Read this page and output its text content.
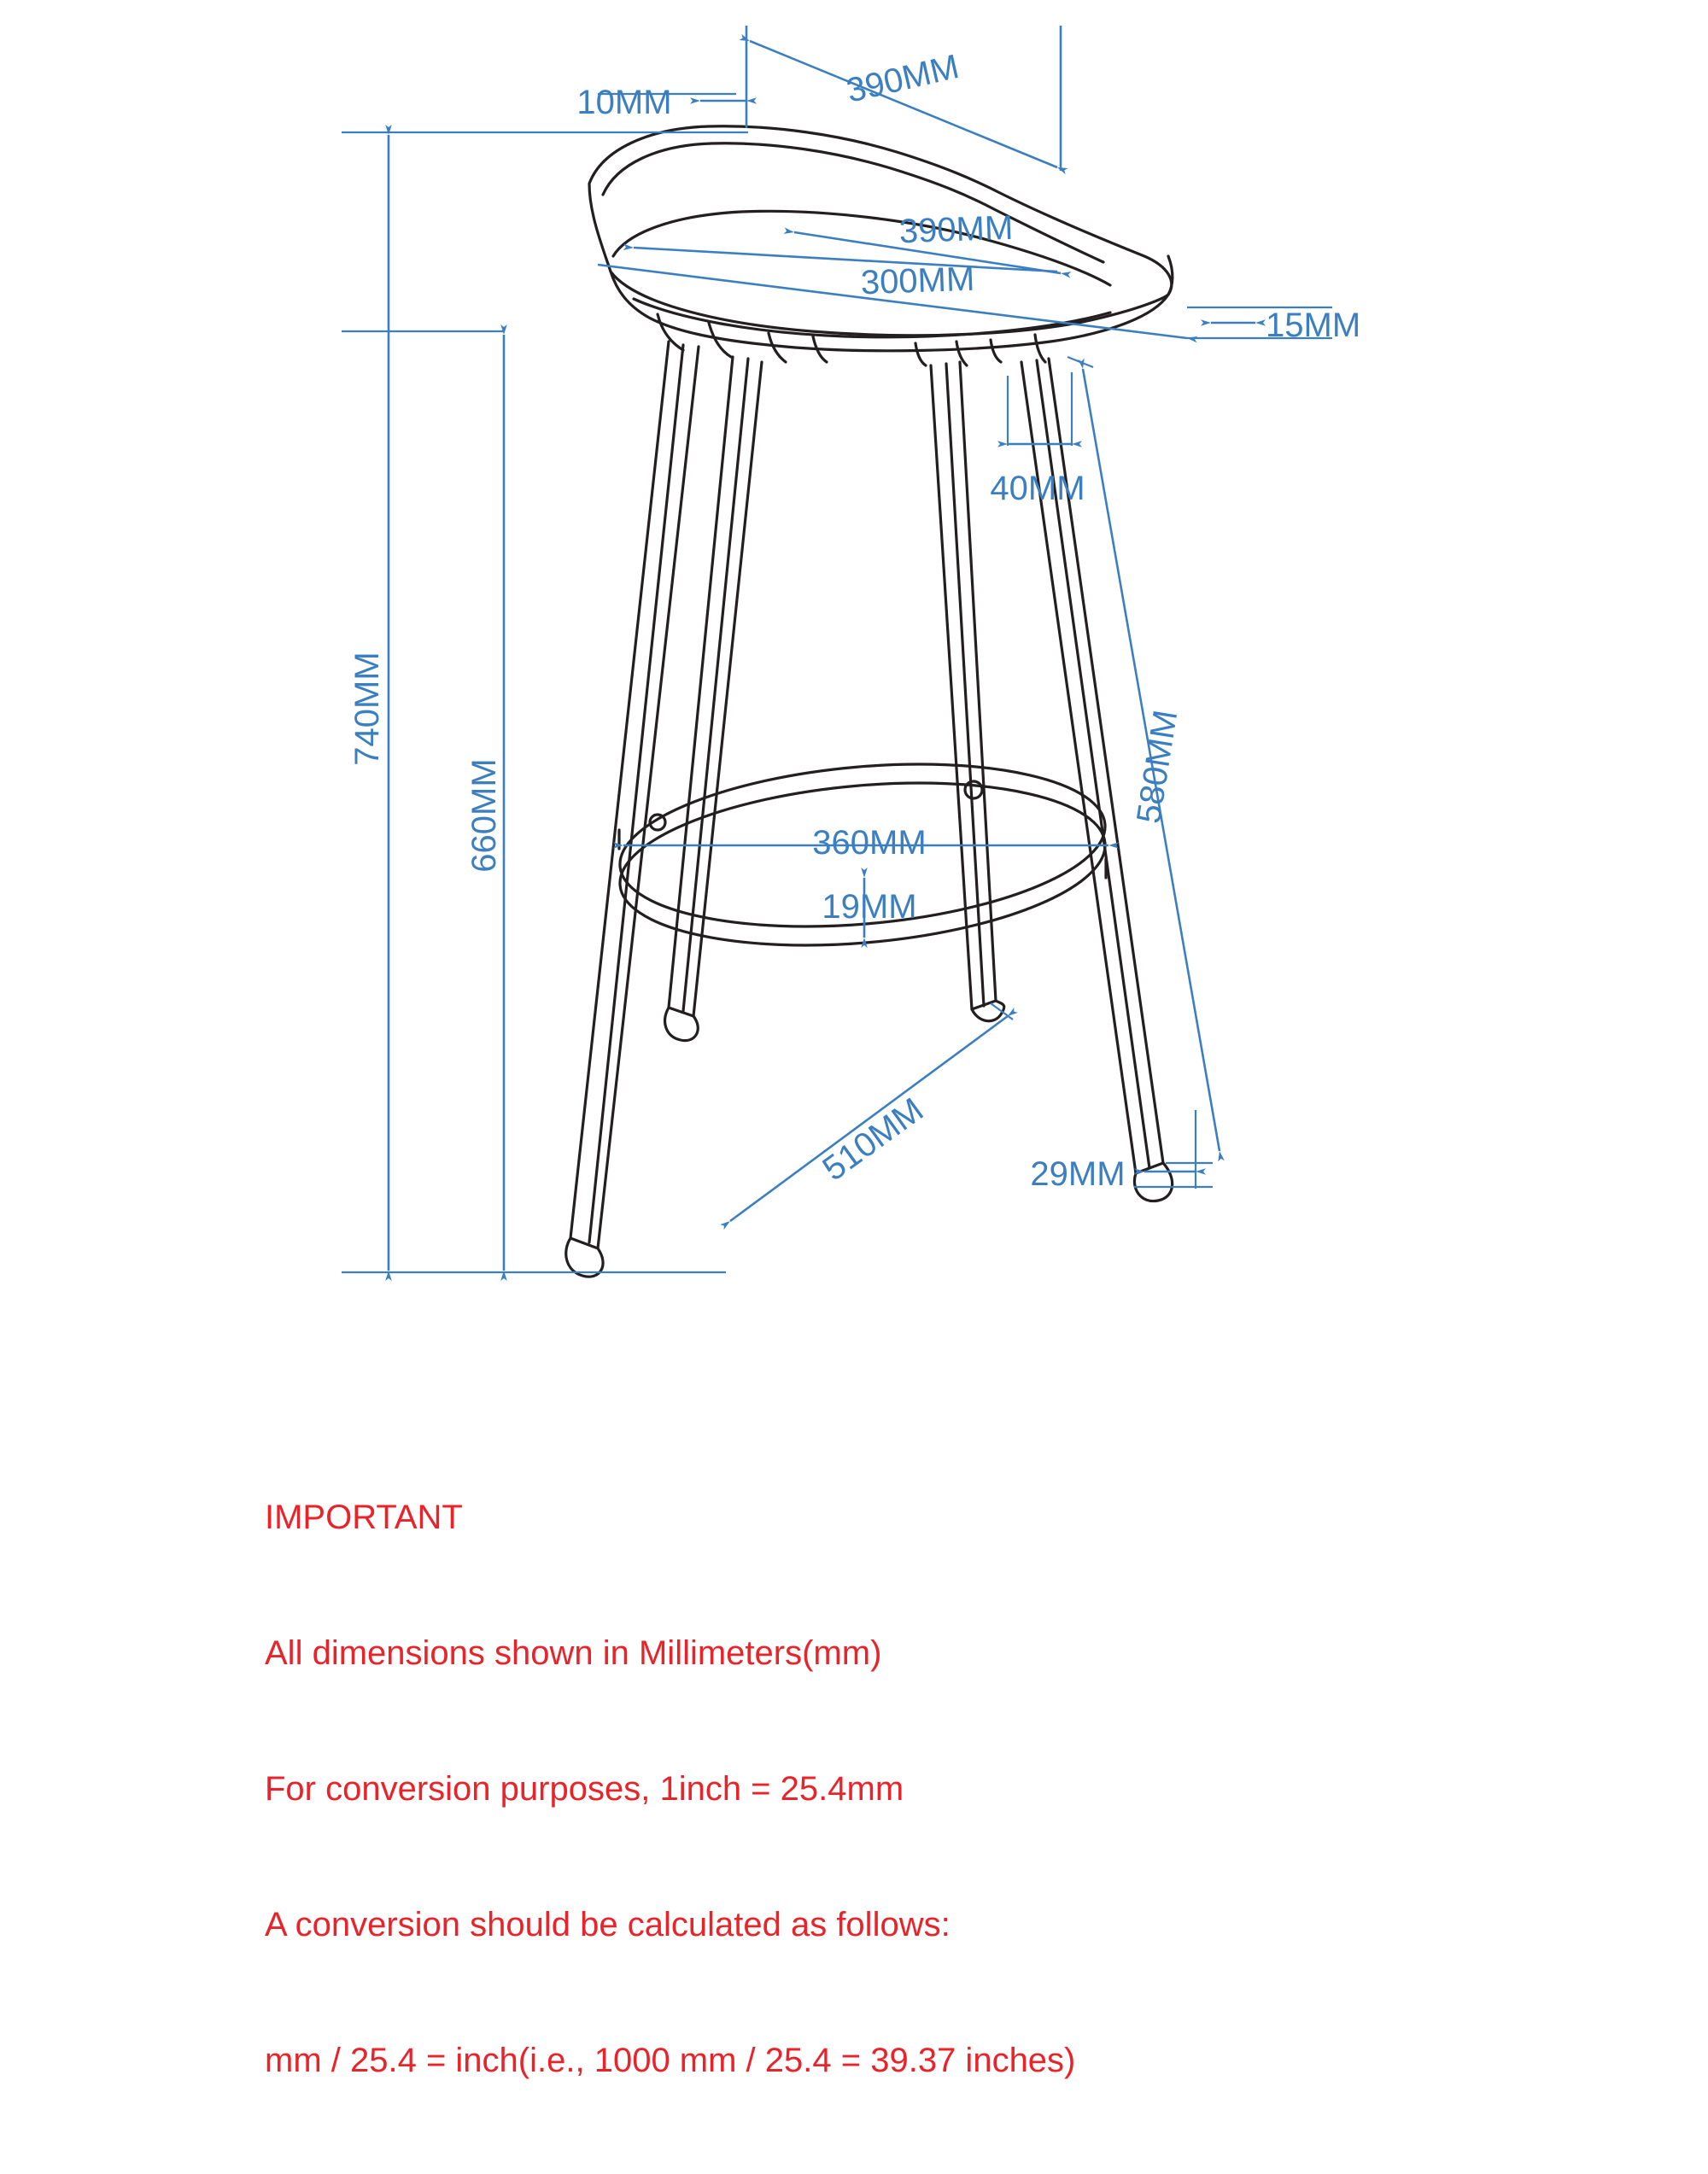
10MM	390MM
390MM
300MM
15MM
40MM
740MM
660MM	580MM
360MM
19MM
510MM	29MM

IMPORTANT

All dimensions shown in Millimeters(mm)

For conversion purposes, 1inch = 25.4mm

A conversion should be calculated as follows:

mm / 25.4 = inch(i.e., 1000 mm / 25.4 = 39.37 inches)
